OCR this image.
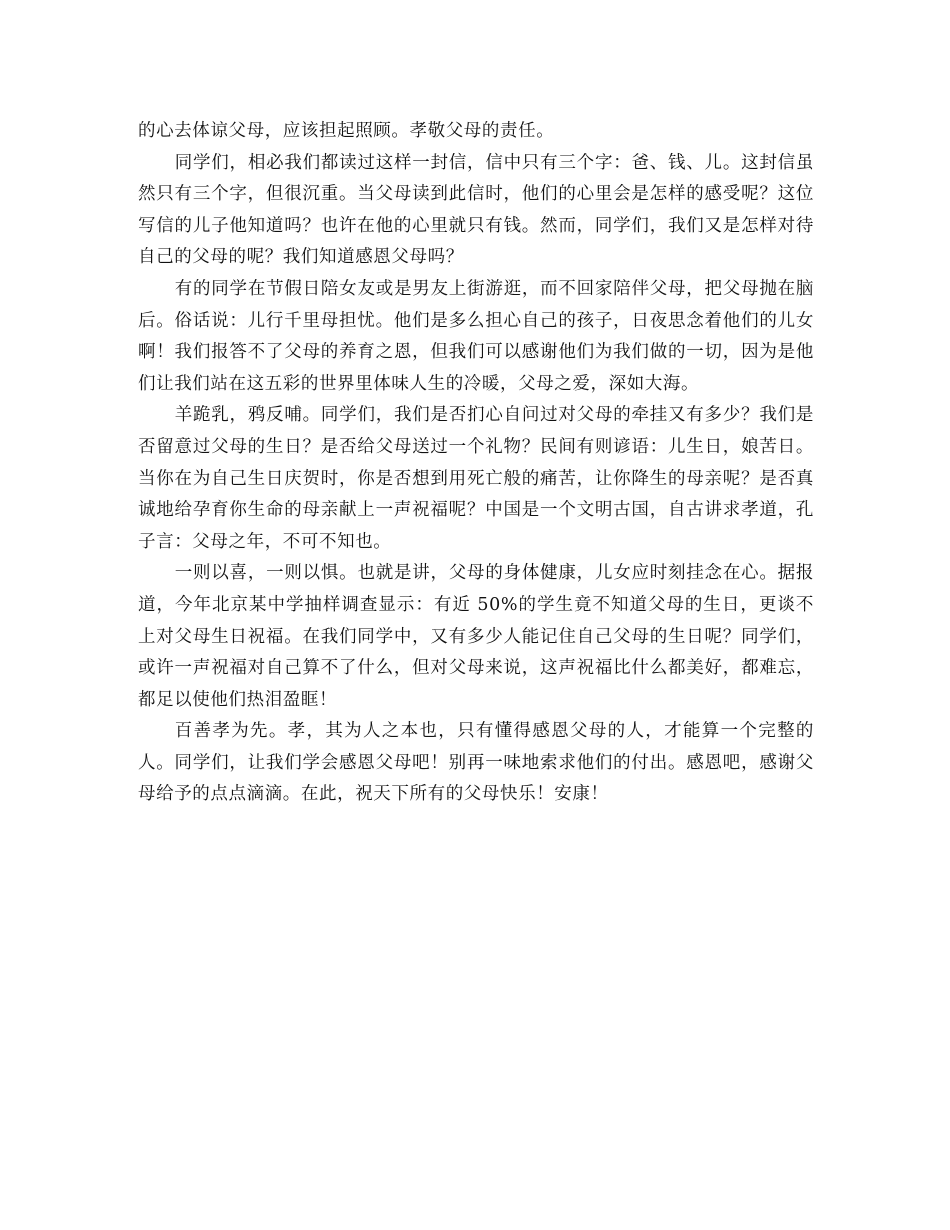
的心去体谅父母，应该担起照顾。孝敬父母的责任。

同学们，相必我们都读过这样一封信，信中只有三个字：爸、钱、儿。这封信虽然只有三个字，但很沉重。当父母读到此信时，他们的心里会是怎样的感受呢？这位写信的儿子他知道吗？也许在他的心里就只有钱。然而，同学们，我们又是怎样对待自己的父母的呢？我们知道感恩父母吗？

有的同学在节假日陪女友或是男友上街游逛，而不回家陪伴父母，把父母抛在脑后。俗话说：儿行千里母担忧。他们是多么担心自己的孩子，日夜思念着他们的儿女啊！我们报答不了父母的养育之恩，但我们可以感谢他们为我们做的一切，因为是他们让我们站在这五彩的世界里体味人生的冷暖，父母之爱，深如大海。

羊跪乳，鸦反哺。同学们，我们是否扪心自问过对父母的牵挂又有多少？我们是否留意过父母的生日？是否给父母送过一个礼物？民间有则谚语：儿生日，娘苦日。当你在为自己生日庆贺时，你是否想到用死亡般的痛苦，让你降生的母亲呢？是否真诚地给孕育你生命的母亲献上一声祝福呢？中国是一个文明古国，自古讲求孝道，孔子言：父母之年，不可不知也。

一则以喜，一则以惧。也就是讲，父母的身体健康，儿女应时刻挂念在心。据报道，今年北京某中学抽样调查显示：有近 50%的学生竟不知道父母的生日，更谈不上对父母生日祝福。在我们同学中，又有多少人能记住自己父母的生日呢？同学们，或许一声祝福对自己算不了什么，但对父母来说，这声祝福比什么都美好，都难忘，都足以使他们热泪盈眶！

百善孝为先。孝，其为人之本也，只有懂得感恩父母的人，才能算一个完整的人。同学们，让我们学会感恩父母吧！别再一味地索求他们的付出。感恩吧，感谢父母给予的点点滴滴。在此，祝天下所有的父母快乐！安康！
